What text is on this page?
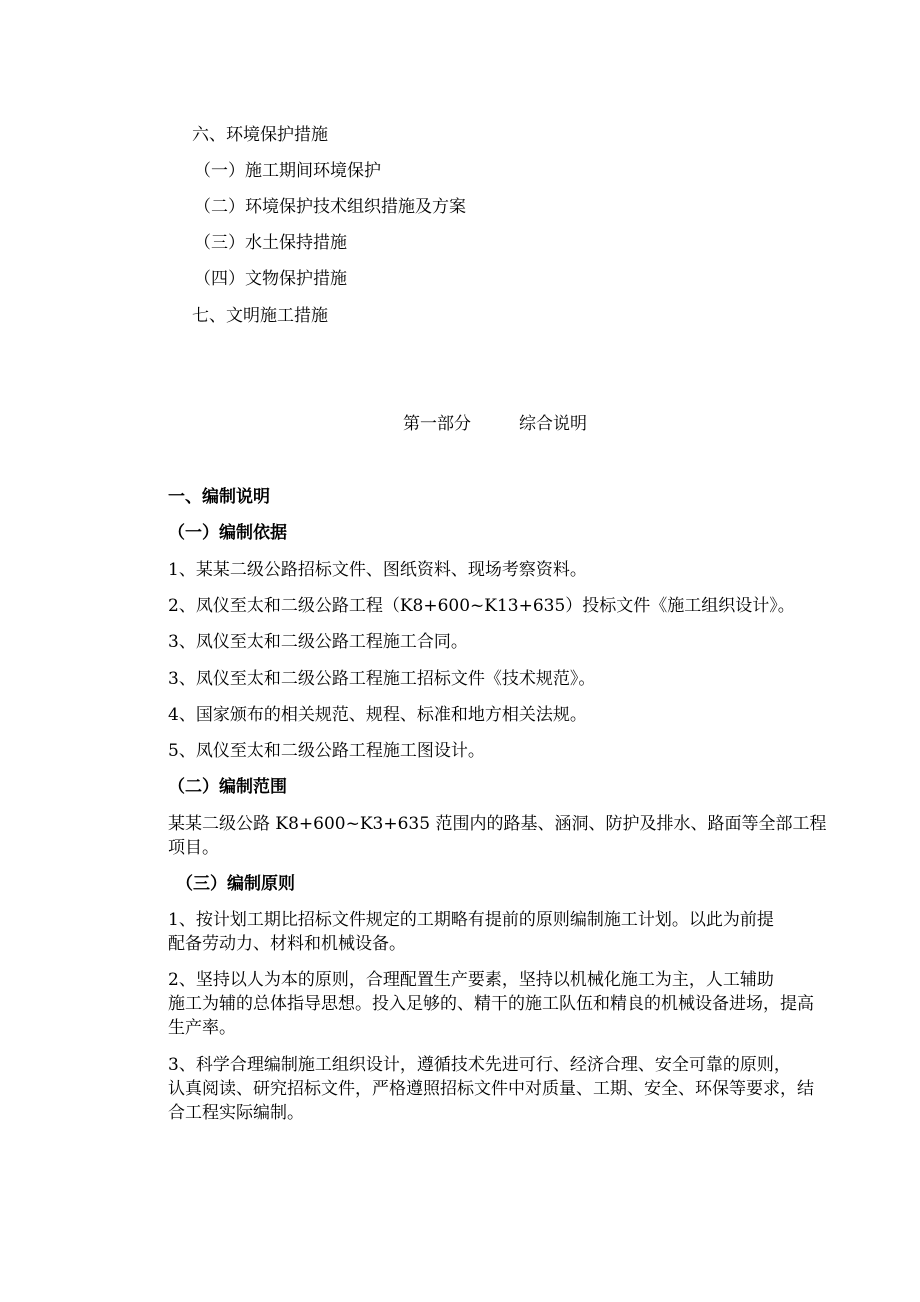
六、环境保护措施
（一）施工期间环境保护
（二）环境保护技术组织措施及方案
（三）水土保持措施
（四）文物保护措施
七、文明施工措施
第一部分	综合说明
一、编制说明
（一）编制依据
1、某某二级公路招标文件、图纸资料、现场考察资料。
2、凤仪至太和二级公路工程（K8+600~K13+635）投标文件《施工组织设计》。
3、凤仪至太和二级公路工程施工合同。
3、凤仪至太和二级公路工程施工招标文件《技术规范》。
4、国家颁布的相关规范、规程、标准和地方相关法规。
5、凤仪至太和二级公路工程施工图设计。
（二）编制范围
某某二级公路 K8+600~K3+635 范围内的路基、涵洞、防护及排水、路面等全部工程
项目。
（三）编制原则
1、按计划工期比招标文件规定的工期略有提前的原则编制施工计划。以此为前提
配备劳动力、材料和机械设备。
2、坚持以人为本的原则，合理配置生产要素，坚持以机械化施工为主，人工辅助
施工为辅的总体指导思想。投入足够的、精干的施工队伍和精良的机械设备进场，提高
生产率。
3、科学合理编制施工组织设计，遵循技术先进可行、经济合理、安全可靠的原则，
认真阅读、研究招标文件，严格遵照招标文件中对质量、工期、安全、环保等要求，结
合工程实际编制。
